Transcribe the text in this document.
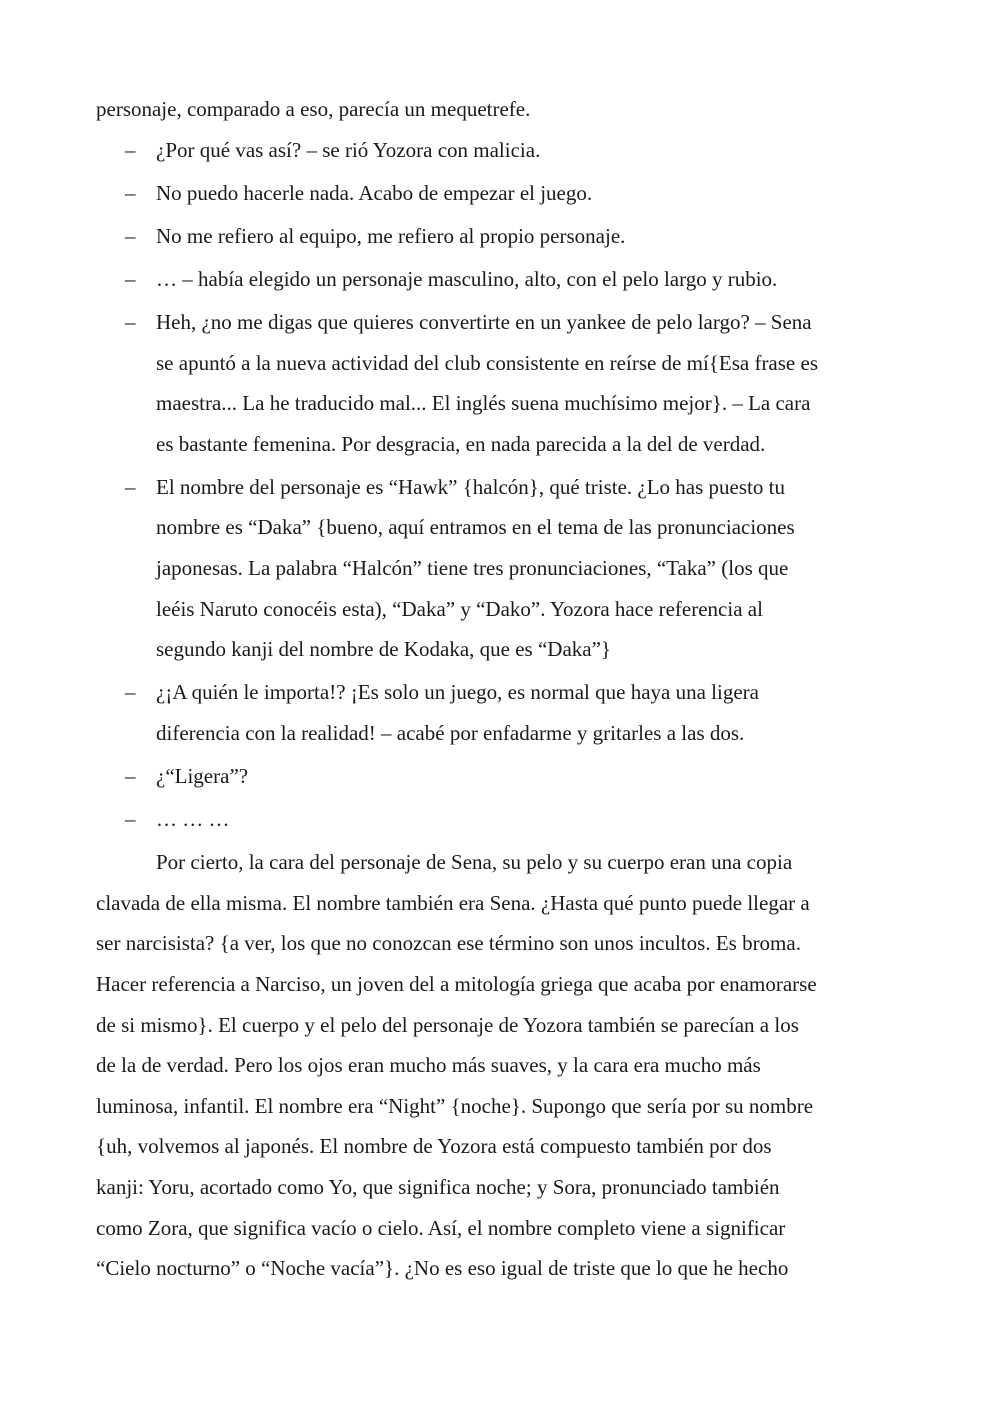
personaje, comparado a eso, parecía un mequetrefe.

– ¿Por qué vas así? – se rió Yozora con malicia.

– No puedo hacerle nada. Acabo de empezar el juego.

– No me refiero al equipo, me refiero al propio personaje.

– … – había elegido un personaje masculino, alto, con el pelo largo y rubio.

– Heh, ¿no me digas que quieres convertirte en un yankee de pelo largo? – Sena

se apuntó a la nueva actividad del club consistente en reírse de mí{Esa frase es

maestra... La he traducido mal... El inglés suena muchísimo mejor}. – La cara

es bastante femenina. Por desgracia, en nada parecida a la del de verdad.

– El nombre del personaje es “Hawk” {halcón}, qué triste. ¿Lo has puesto tu

nombre es “Daka” {bueno, aquí entramos en el tema de las pronunciaciones

japonesas. La palabra “Halcón” tiene tres pronunciaciones, “Taka” (los que

leéis Naruto conocéis esta), “Daka” y “Dako”. Yozora hace referencia al

segundo kanji del nombre de Kodaka, que es “Daka”}

– ¿¡A quién le importa!? ¡Es solo un juego, es normal que haya una ligera

diferencia con la realidad! – acabé por enfadarme y gritarles a las dos.

– ¿“Ligera”?

– … … …

Por cierto, la cara del personaje de Sena, su pelo y su cuerpo eran una copia

clavada de ella misma. El nombre también era Sena. ¿Hasta qué punto puede llegar a

ser narcisista? {a ver, los que no conozcan ese término son unos incultos. Es broma.

Hacer referencia a Narciso, un joven del a mitología griega que acaba por enamorarse

de si mismo}. El cuerpo y el pelo del personaje de Yozora también se parecían a los

de la de verdad. Pero los ojos eran mucho más suaves, y la cara era mucho más

luminosa, infantil. El nombre era “Night” {noche}. Supongo que sería por su nombre

{uh, volvemos al japonés. El nombre de Yozora está compuesto también por dos

kanji: Yoru, acortado como Yo, que significa noche; y Sora, pronunciado también

como Zora, que significa vacío o cielo. Así, el nombre completo viene a significar

“Cielo nocturno” o “Noche vacía”}. ¿No es eso igual de triste que lo que he hecho
